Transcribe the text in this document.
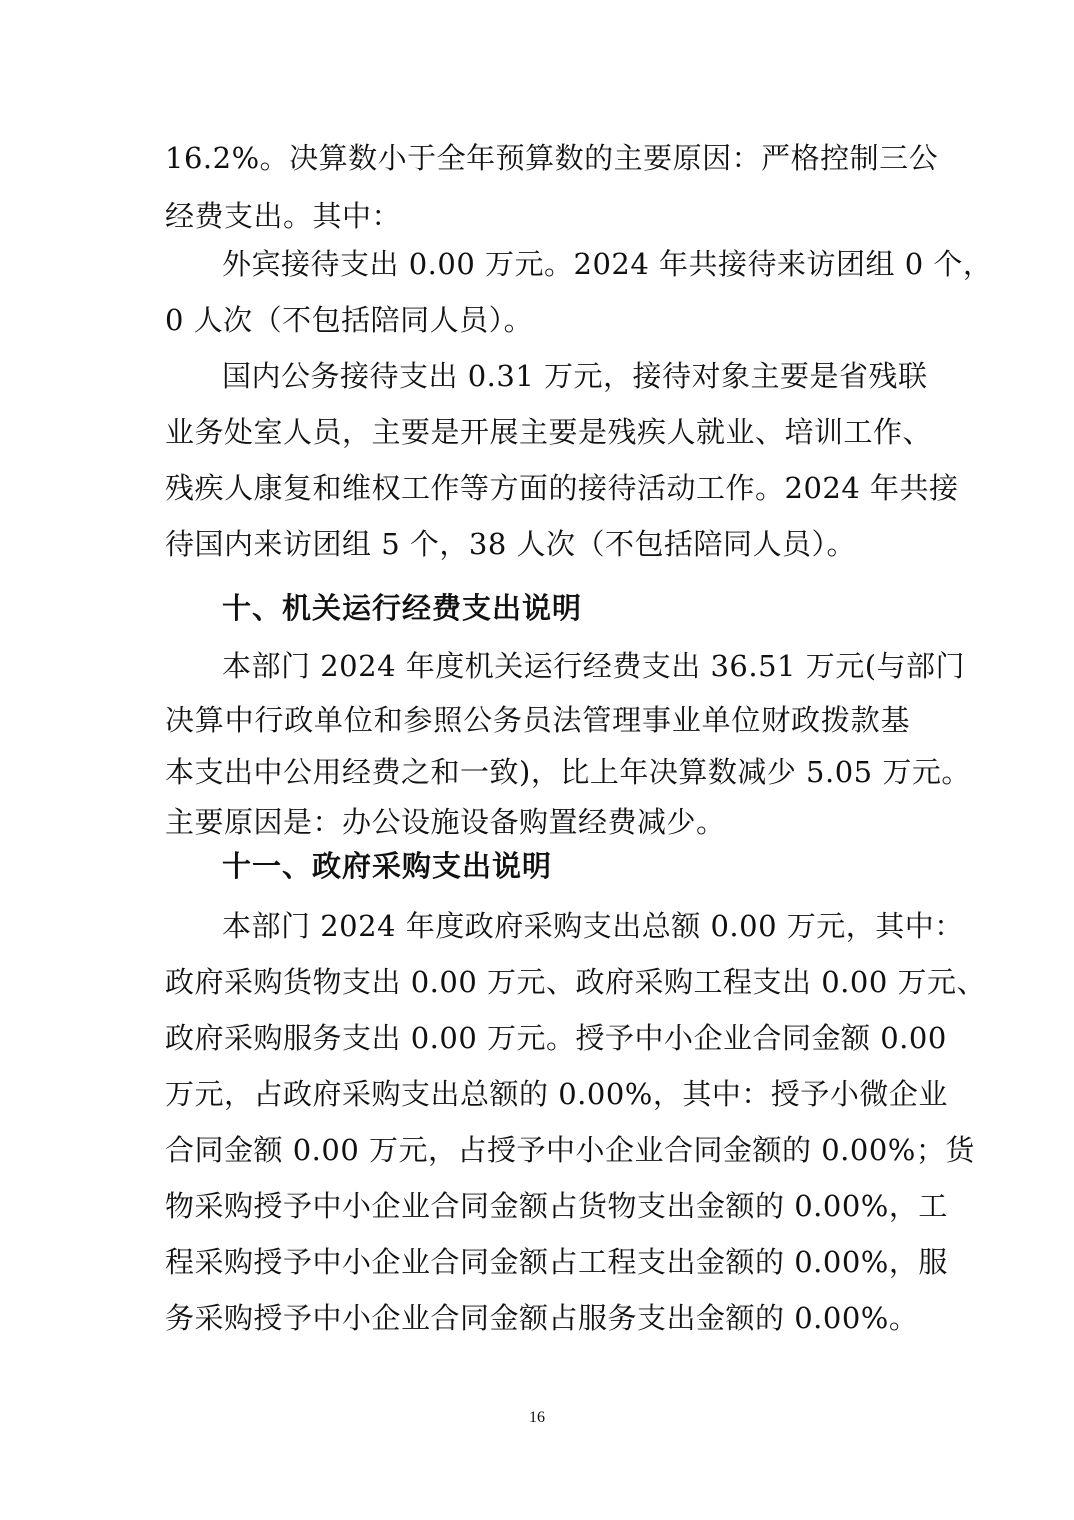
16.2%。决算数小于全年预算数的主要原因：严格控制三公
经费支出。其中：
外宾接待支出 0.00 万元。2024 年共接待来访团组 0 个，
0 人次（不包括陪同人员）。
国内公务接待支出 0.31 万元，接待对象主要是省残联
业务处室人员，主要是开展主要是残疾人就业、培训工作、
残疾人康复和维权工作等方面的接待活动工作。2024 年共接
待国内来访团组 5 个，38 人次（不包括陪同人员）。
十、机关运行经费支出说明
本部门 2024 年度机关运行经费支出 36.51 万元(与部门
决算中行政单位和参照公务员法管理事业单位财政拨款基
本支出中公用经费之和一致)，比上年决算数减少 5.05 万元。
主要原因是：办公设施设备购置经费减少。
十一、政府采购支出说明
本部门 2024 年度政府采购支出总额 0.00 万元，其中：
政府采购货物支出 0.00 万元、政府采购工程支出 0.00 万元、
政府采购服务支出 0.00 万元。授予中小企业合同金额 0.00
万元，占政府采购支出总额的 0.00%，其中：授予小微企业
合同金额 0.00 万元，占授予中小企业合同金额的 0.00%；货
物采购授予中小企业合同金额占货物支出金额的 0.00%，工
程采购授予中小企业合同金额占工程支出金额的 0.00%，服
务采购授予中小企业合同金额占服务支出金额的 0.00%。
16
